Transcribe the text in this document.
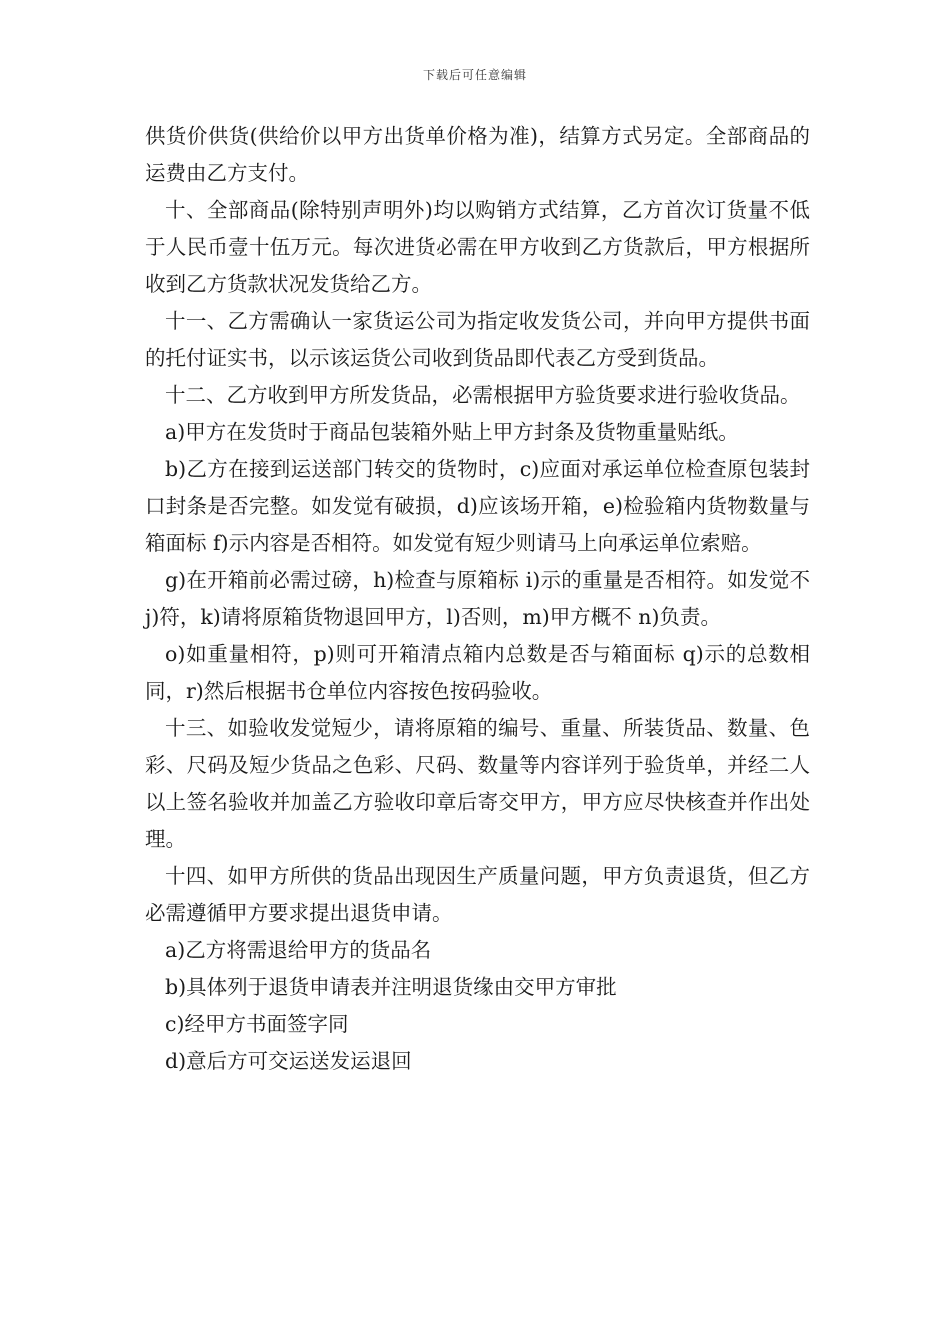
下载后可任意编辑

供货价供货(供给价以甲方出货单价格为准)，结算方式另定。全部商品的运费由乙方支付。

十、全部商品(除特别声明外)均以购销方式结算，乙方首次订货量不低于人民币壹十伍万元。每次进货必需在甲方收到乙方货款后，甲方根据所收到乙方货款状况发货给乙方。

十一、乙方需确认一家货运公司为指定收发货公司，并向甲方提供书面的托付证实书，以示该运货公司收到货品即代表乙方受到货品。

十二、乙方收到甲方所发货品，必需根据甲方验货要求进行验收货品。

a)甲方在发货时于商品包装箱外贴上甲方封条及货物重量贴纸。

b)乙方在接到运送部门转交的货物时，c)应面对承运单位检查原包装封口封条是否完整。如发觉有破损，d)应该场开箱，e)检验箱内货物数量与箱面标 f)示内容是否相符。如发觉有短少则请马上向承运单位索赔。

g)在开箱前必需过磅，h)检查与原箱标 i)示的重量是否相符。如发觉不 j)符，k)请将原箱货物退回甲方，l)否则，m)甲方概不 n)负责。

o)如重量相符，p)则可开箱清点箱内总数是否与箱面标 q)示的总数相同，r)然后根据书仓单位内容按色按码验收。

十三、如验收发觉短少，请将原箱的编号、重量、所装货品、数量、色彩、尺码及短少货品之色彩、尺码、数量等内容详列于验货单，并经二人以上签名验收并加盖乙方验收印章后寄交甲方，甲方应尽快核查并作出处理。

十四、如甲方所供的货品出现因生产质量问题，甲方负责退货，但乙方必需遵循甲方要求提出退货申请。

a)乙方将需退给甲方的货品名

b)具体列于退货申请表并注明退货缘由交甲方审批

c)经甲方书面签字同

d)意后方可交运送发运退回
